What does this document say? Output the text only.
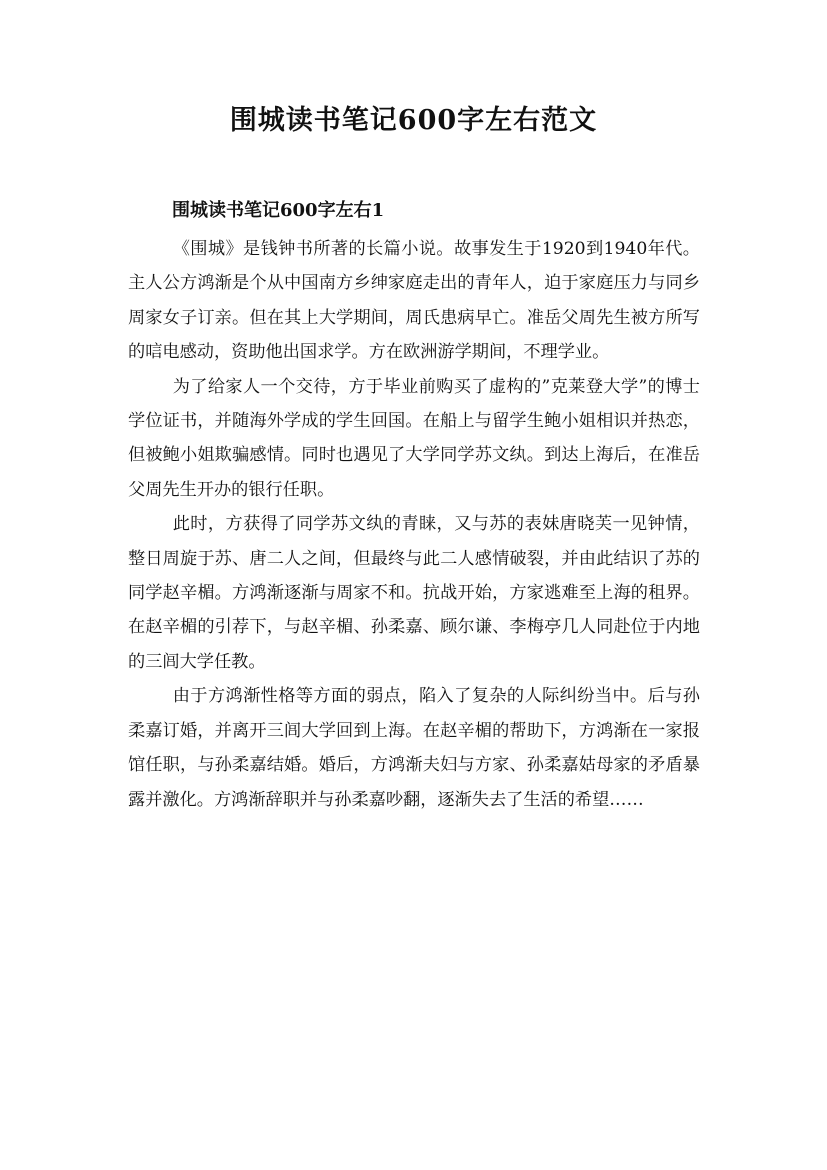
围城读书笔记600字左右范文
围城读书笔记600字左右1

《围城》是钱钟书所著的长篇小说。故事发生于1920到1940年代。主人公方鸿渐是个从中国南方乡绅家庭走出的青年人，迫于家庭压力与同乡周家女子订亲。但在其上大学期间，周氏患病早亡。准岳父周先生被方所写的唁电感动，资助他出国求学。方在欧洲游学期间，不理学业。

为了给家人一个交待，方于毕业前购买了虚构的”克莱登大学”的博士学位证书，并随海外学成的学生回国。在船上与留学生鲍小姐相识并热恋，但被鲍小姐欺骗感情。同时也遇见了大学同学苏文纨。到达上海后，在准岳父周先生开办的银行任职。

此时，方获得了同学苏文纨的青睐，又与苏的表妹唐晓芙一见钟情，整日周旋于苏、唐二人之间，但最终与此二人感情破裂，并由此结识了苏的同学赵辛楣。方鸿渐逐渐与周家不和。抗战开始，方家逃难至上海的租界。在赵辛楣的引荐下，与赵辛楣、孙柔嘉、顾尔谦、李梅亭几人同赴位于内地的三闾大学任教。

由于方鸿渐性格等方面的弱点，陷入了复杂的人际纠纷当中。后与孙柔嘉订婚，并离开三闾大学回到上海。在赵辛楣的帮助下，方鸿渐在一家报馆任职，与孙柔嘉结婚。婚后，方鸿渐夫妇与方家、孙柔嘉姑母家的矛盾暴露并激化。方鸿渐辞职并与孙柔嘉吵翻，逐渐失去了生活的希望……
